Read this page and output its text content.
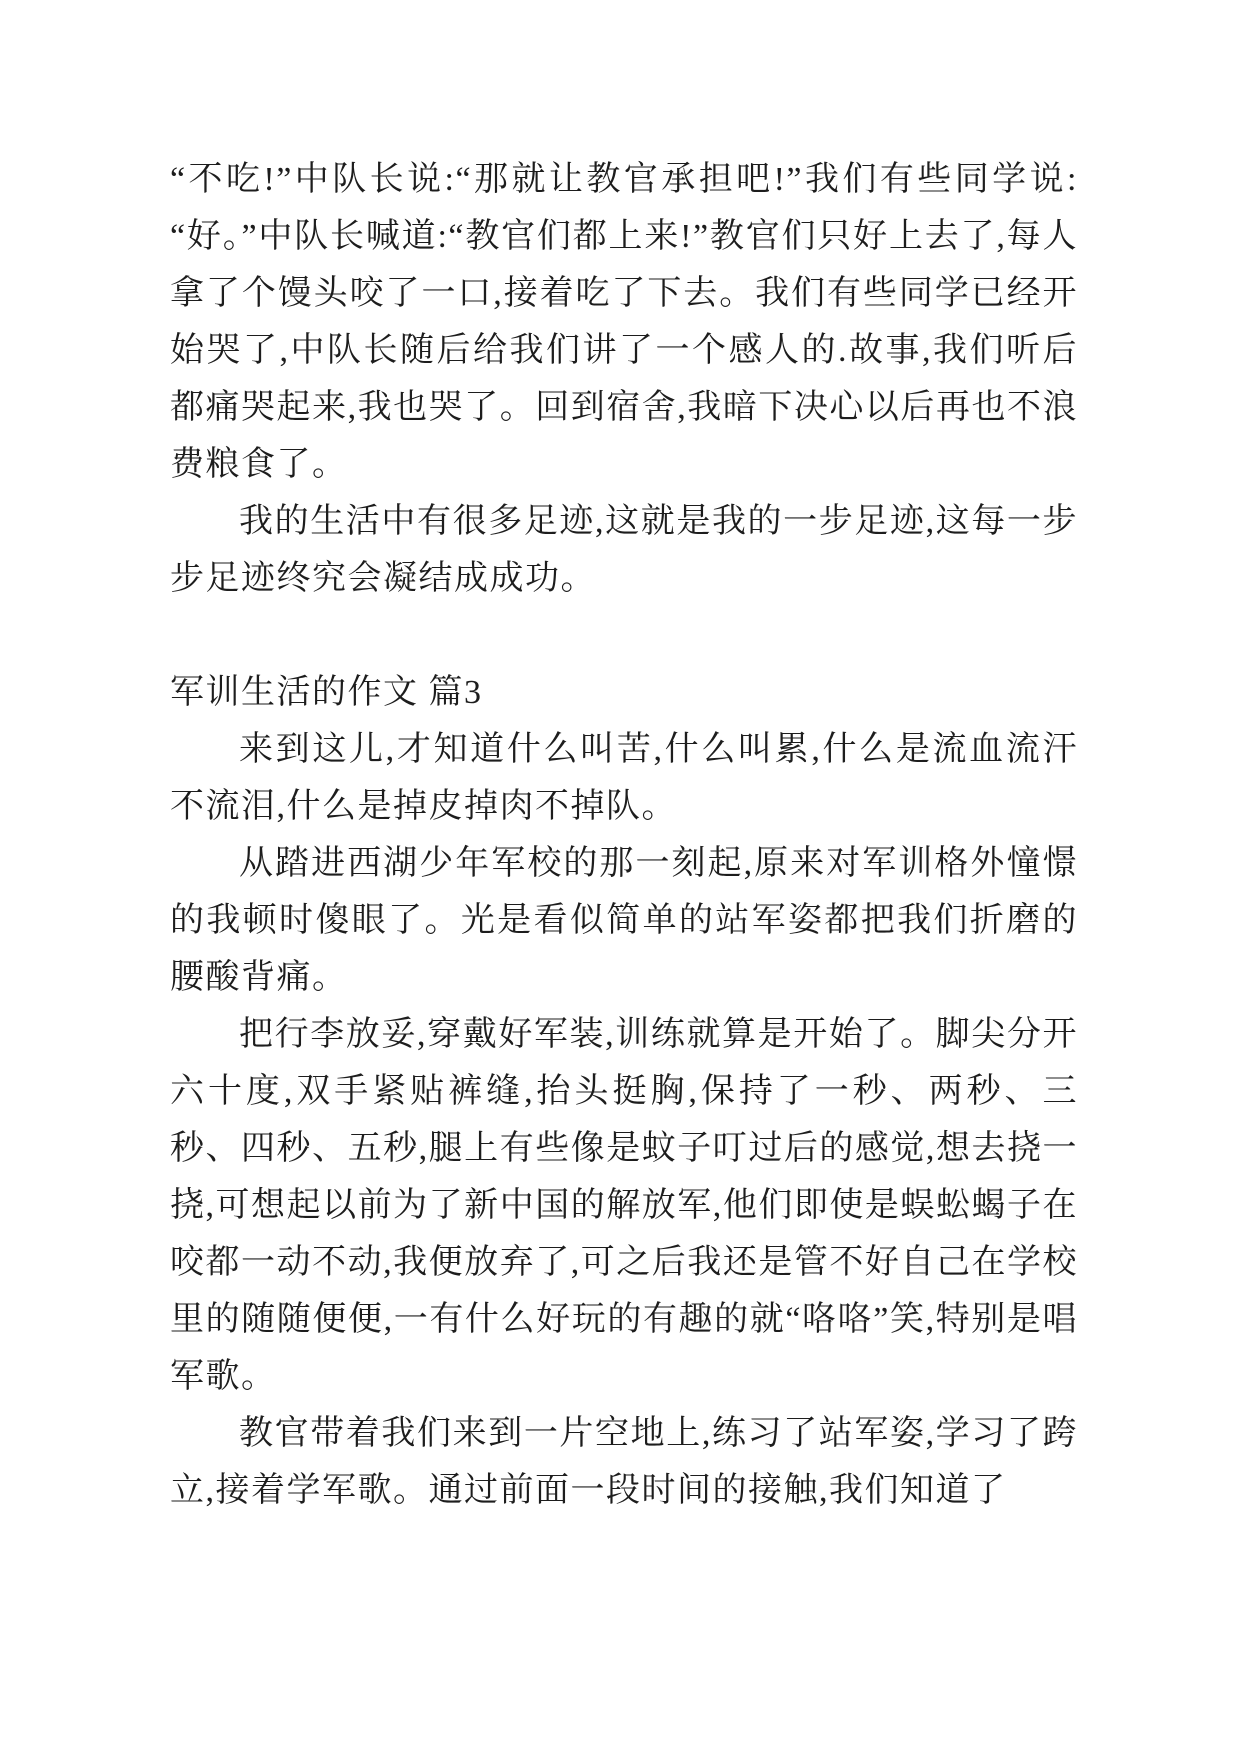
“不吃!”中队长说:“那就让教官承担吧!”我们有些同学说:“好。”中队长喊道:“教官们都上来!”教官们只好上去了,每人拿了个馒头咬了一口,接着吃了下去。我们有些同学已经开始哭了,中队长随后给我们讲了一个感人的.故事,我们听后都痛哭起来,我也哭了。回到宿舍,我暗下决心以后再也不浪费粮食了。

我的生活中有很多足迹,这就是我的一步足迹,这每一步步足迹终究会凝结成成功。

军训生活的作文 篇3

来到这儿,才知道什么叫苦,什么叫累,什么是流血流汗不流泪,什么是掉皮掉肉不掉队。

从踏进西湖少年军校的那一刻起,原来对军训格外憧憬的我顿时傻眼了。光是看似简单的站军姿都把我们折磨的腰酸背痛。

把行李放妥,穿戴好军装,训练就算是开始了。脚尖分开六十度,双手紧贴裤缝,抬头挺胸,保持了一秒、两秒、三秒、四秒、五秒,腿上有些像是蚊子叮过后的感觉,想去挠一挠,可想起以前为了新中国的解放军,他们即使是蜈蚣蝎子在咬都一动不动,我便放弃了,可之后我还是管不好自己在学校里的随随便便,一有什么好玩的有趣的就“咯咯”笑,特别是唱军歌。

教官带着我们来到一片空地上,练习了站军姿,学习了跨立,接着学军歌。通过前面一段时间的接触,我们知道了
